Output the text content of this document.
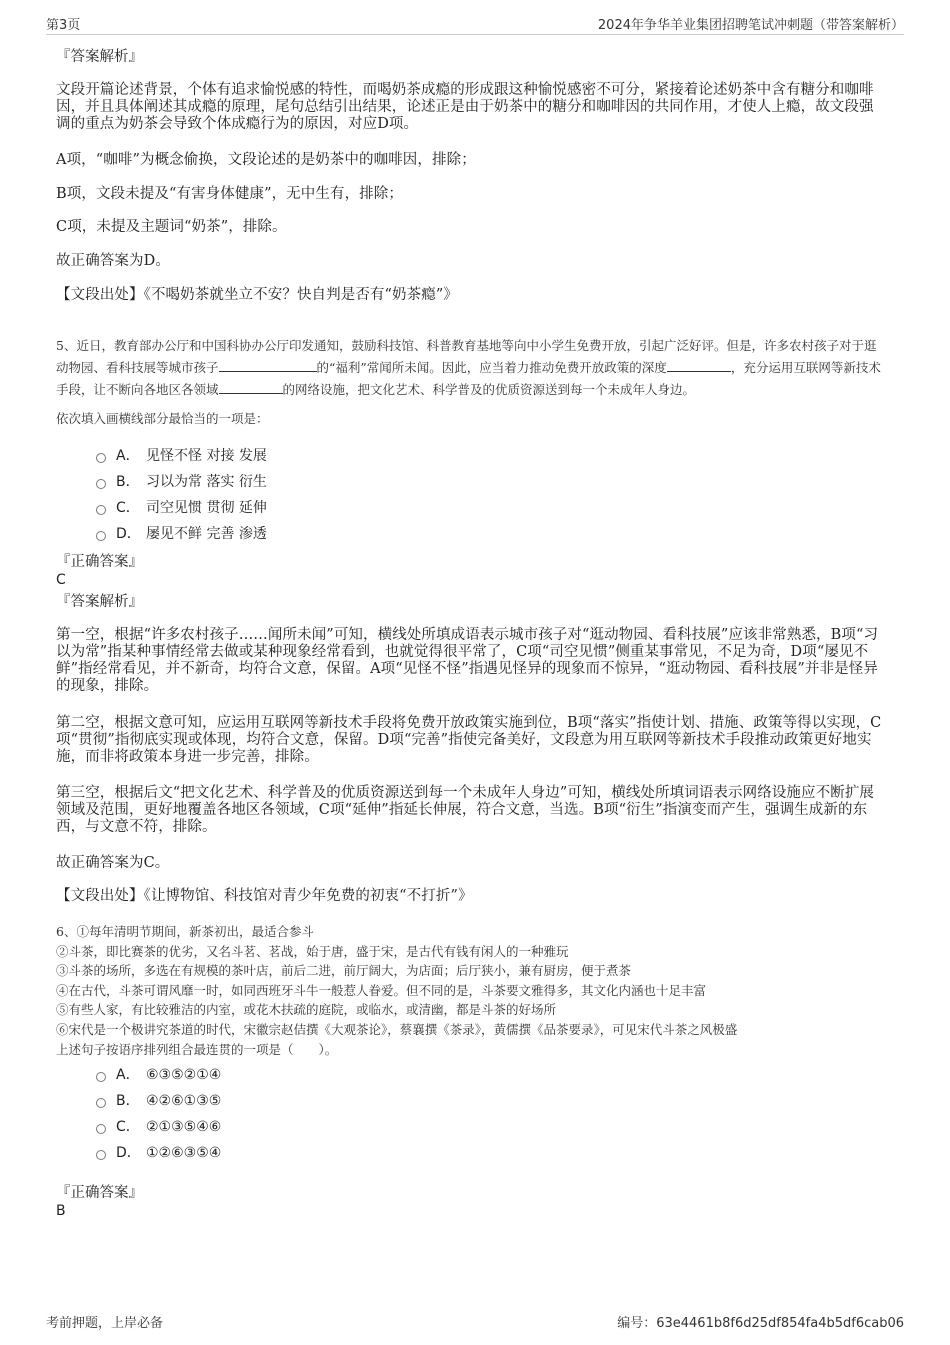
第3页	2024年争华羊业集团招聘笔试冲刺题（带答案解析）
『答案解析』
文段开篇论述背景，个体有追求愉悦感的特性，而喝奶茶成瘾的形成跟这种愉悦感密不可分，紧接着论述奶茶中含有糖分和咖啡因，并且具体阐述其成瘾的原理，尾句总结引出结果，论述正是由于奶茶中的糖分和咖啡因的共同作用，才使人上瘾，故文段强调的重点为奶茶会导致个体成瘾行为的原因，对应D项。
A项，“咖啡”为概念偷换，文段论述的是奶茶中的咖啡因，排除；
B项，文段未提及“有害身体健康”，无中生有，排除；
C项，未提及主题词“奶茶”，排除。
故正确答案为D。
【文段出处】《不喝奶茶就坐立不安？快自判是否有“奶茶瘾”》
5、近日，教育部办公厅和中国科协办公厅印发通知，鼓励科技馆、科普教育基地等向中小学生免费开放，引起广泛好评。但是，许多农村孩子对于逛动物园、看科技展等城市孩子	的“福利”常闻所未闻。因此，应当着力推动免费开放政策的深度	，充分运用互联网等新技术手段，让不断向各地区各领域	的网络设施，把文化艺术、科学普及的优质资源送到每一个未成年人身边。
依次填入画横线部分最恰当的一项是：
A． 见怪不怪 对接 发展
B． 习以为常 落实 衍生
C． 司空见惯 贯彻 延伸
D． 屡见不鲜 完善 渗透
『正确答案』
C
『答案解析』
第一空，根据“许多农村孩子……闻所未闻”可知，横线处所填成语表示城市孩子对“逛动物园、看科技展”应该非常熟悉，B项“习以为常”指某种事情经常去做或某种现象经常看到，也就觉得很平常了，C项“司空见惯”侧重某事常见，不足为奇，D项“屡见不鲜”指经常看见，并不新奇，均符合文意，保留。A项“见怪不怪”指遇见怪异的现象而不惊异，“逛动物园、看科技展”并非是怪异的现象，排除。
第二空，根据文意可知，应运用互联网等新技术手段将免费开放政策实施到位，B项“落实”指使计划、措施、政策等得以实现，C项“贯彻”指彻底实现或体现，均符合文意，保留。D项“完善”指使完备美好，文段意为用互联网等新技术手段推动政策更好地实施，而非将政策本身进一步完善，排除。
第三空，根据后文“把文化艺术、科学普及的优质资源送到每一个未成年人身边”可知，横线处所填词语表示网络设施应不断扩展领域及范围，更好地覆盖各地区各领域，C项“延伸”指延长伸展，符合文意，当选。B项“衍生”指演变而产生，强调生成新的东西，与文意不符，排除。
故正确答案为C。
【文段出处】《让博物馆、科技馆对青少年免费的初衷“不打折”》
6、①每年清明节期间，新茶初出，最适合参斗
②斗茶，即比赛茶的优劣，又名斗茗、茗战，始于唐，盛于宋，是古代有钱有闲人的一种雅玩
③斗茶的场所，多选在有规模的茶叶店，前后二进，前厅阔大，为店面；后厅狭小，兼有厨房，便于煮茶
④在古代，斗茶可谓风靡一时，如同西班牙斗牛一般惹人眷爱。但不同的是，斗茶要文雅得多，其文化内涵也十足丰富
⑤有些人家，有比较雅洁的内室，或花木扶疏的庭院，或临水，或清幽，都是斗茶的好场所
⑥宋代是一个极讲究茶道的时代，宋徽宗赵佶撰《大观茶论》，蔡襄撰《茶录》，黄儒撰《品茶要录》，可见宋代斗茶之风极盛
上述句子按语序排列组合最连贯的一项是（　　）。
A． ⑥③⑤②①④
B． ④②⑥①③⑤
C． ②①③⑤④⑥
D． ①②⑥③⑤④
『正确答案』
B
考前押题，上岸必备	编号：63e4461b8f6d25df854fa4b5df6cab06
